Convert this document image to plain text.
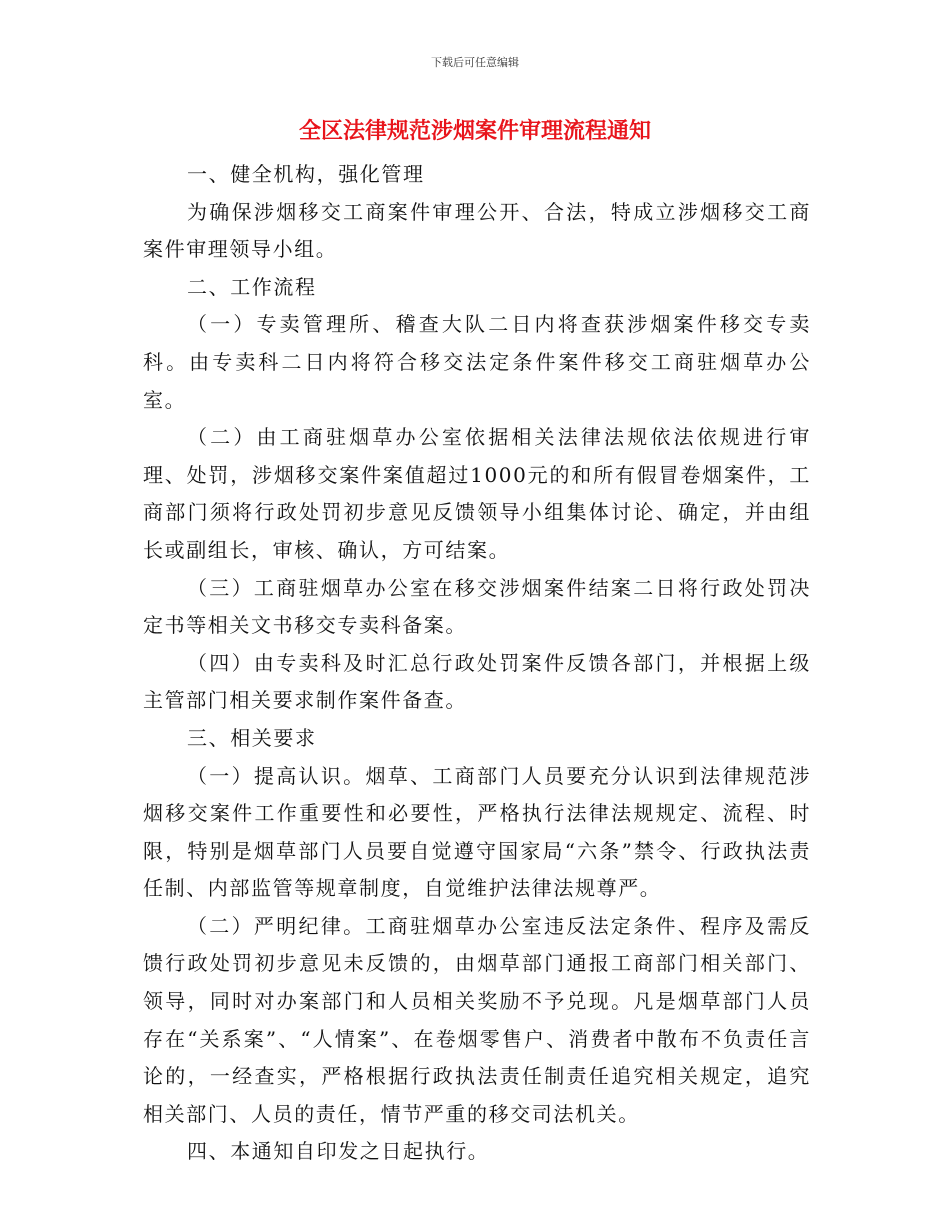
下载后可任意编辑
全区法律规范涉烟案件审理流程通知

一、健全机构，强化管理

为确保涉烟移交工商案件审理公开、合法，特成立涉烟移交工商案件审理领导小组。

二、工作流程

（一）专卖管理所、稽查大队二日内将查获涉烟案件移交专卖科。由专卖科二日内将符合移交法定条件案件移交工商驻烟草办公室。

（二）由工商驻烟草办公室依据相关法律法规依法依规进行审理、处罚，涉烟移交案件案值超过1000元的和所有假冒卷烟案件，工商部门须将行政处罚初步意见反馈领导小组集体讨论、确定，并由组长或副组长，审核、确认，方可结案。

（三）工商驻烟草办公室在移交涉烟案件结案二日将行政处罚决定书等相关文书移交专卖科备案。

（四）由专卖科及时汇总行政处罚案件反馈各部门，并根据上级主管部门相关要求制作案件备查。

三、相关要求

（一）提高认识。烟草、工商部门人员要充分认识到法律规范涉烟移交案件工作重要性和必要性，严格执行法律法规规定、流程、时限，特别是烟草部门人员要自觉遵守国家局“六条”禁令、行政执法责任制、内部监管等规章制度，自觉维护法律法规尊严。

（二）严明纪律。工商驻烟草办公室违反法定条件、程序及需反馈行政处罚初步意见未反馈的，由烟草部门通报工商部门相关部门、领导，同时对办案部门和人员相关奖励不予兑现。凡是烟草部门人员存在“关系案”、“人情案”、在卷烟零售户、消费者中散布不负责任言论的，一经查实，严格根据行政执法责任制责任追究相关规定，追究相关部门、人员的责任，情节严重的移交司法机关。

四、本通知自印发之日起执行。
